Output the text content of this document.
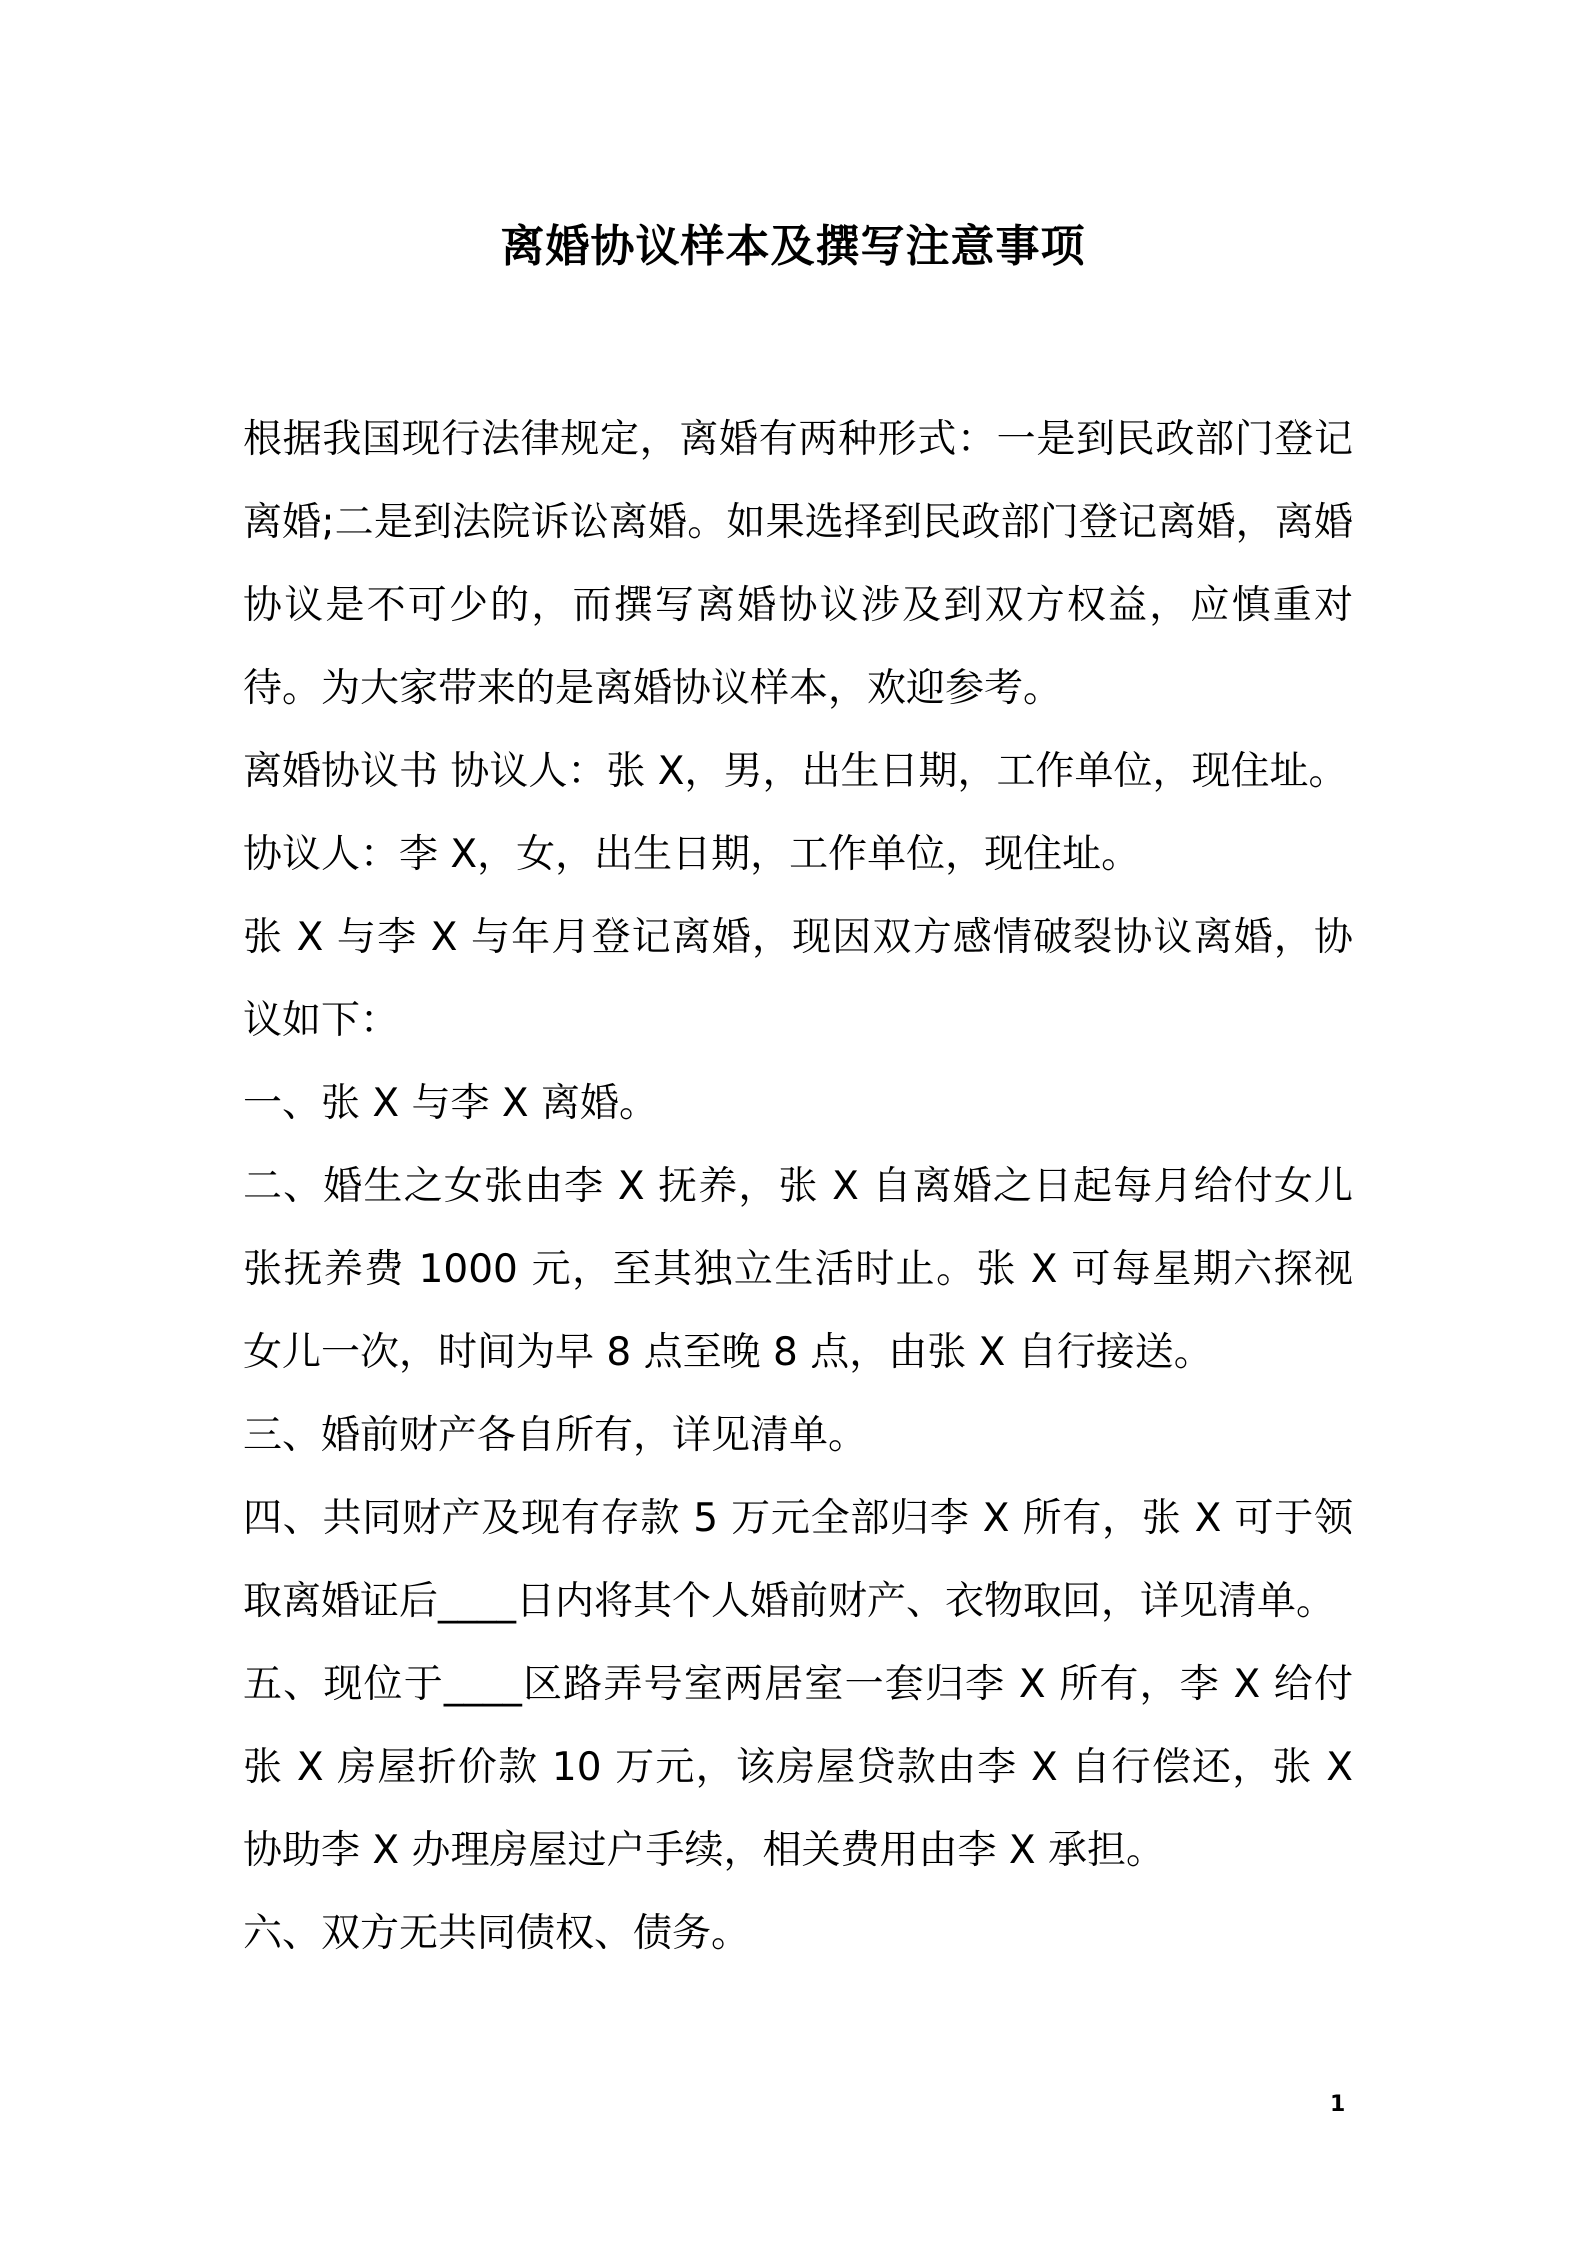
离婚协议样本及撰写注意事项

根据我国现行法律规定，离婚有两种形式：一是到民政部门登记离婚;二是到法院诉讼离婚。如果选择到民政部门登记离婚，离婚协议是不可少的，而撰写离婚协议涉及到双方权益，应慎重对待。为大家带来的是离婚协议样本，欢迎参考。

离婚协议书 协议人：张 X，男，出生日期，工作单位，现住址。

协议人：李 X，女，出生日期，工作单位，现住址。

张 X 与李 X 与年月登记离婚，现因双方感情破裂协议离婚，协议如下：

一、张 X 与李 X 离婚。

二、婚生之女张由李 X 抚养，张 X 自离婚之日起每月给付女儿张抚养费 1000 元，至其独立生活时止。张 X 可每星期六探视女儿一次，时间为早 8 点至晚 8 点，由张 X 自行接送。

三、婚前财产各自所有，详见清单。

四、共同财产及现有存款 5 万元全部归李 X 所有，张 X 可于领取离婚证后____日内将其个人婚前财产、衣物取回，详见清单。

五、现位于____区路弄号室两居室一套归李 X 所有，李 X 给付张 X 房屋折价款 10 万元，该房屋贷款由李 X 自行偿还，张 X 协助李 X 办理房屋过户手续，相关费用由李 X 承担。

六、双方无共同债权、债务。

1
